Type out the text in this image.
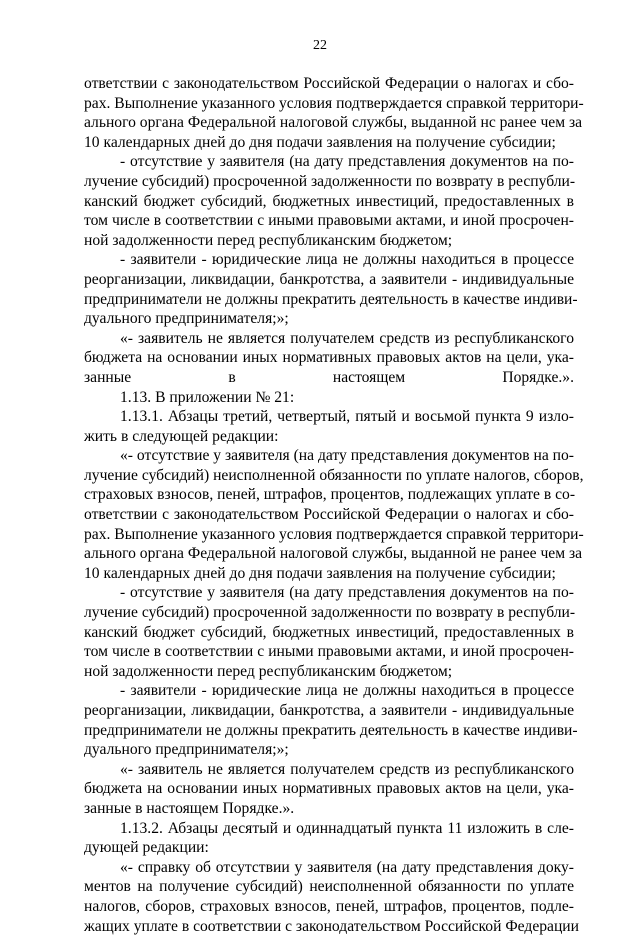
22
ответствии с законодательством Российской Федерации о налогах и сбо-
рах. Выполнение указанного условия подтверждается справкой территори-
ального органа Федеральной налоговой службы, выданной нс ранее чем за
10 календарных дней до дня подачи заявления на получение субсидии;
- отсутствие у заявителя (на дату представления документов на по-
лучение субсидий) просроченной задолженности по возврату в республи-
канский бюджет субсидий, бюджетных инвестиций, предоставленных в
том числе в соответствии с иными правовыми актами, и иной просрочен-
ной задолженности перед республиканским бюджетом;
- заявители - юридические лица не должны находиться в процессе
реорганизации, ликвидации, банкротства, а заявители - индивидуальные
предприниматели не должны прекратить деятельность в качестве индиви-
дуального предпринимателя;»;
«- заявитель не является получателем средств из республиканского
бюджета на основании иных нормативных правовых актов на цели, ука-
занные в настоящем Порядке.».
1.13. В приложении № 21:
1.13.1. Абзацы третий, четвертый, пятый и восьмой пункта 9 изло-
жить в следующей редакции:
«- отсутствие у заявителя (на дату представления документов на по-
лучение субсидий) неисполненной обязанности по уплате налогов, сборов,
страховых взносов, пеней, штрафов, процентов, подлежащих уплате в со-
ответствии с законодательством Российской Федерации о налогах и сбо-
рах. Выполнение указанного условия подтверждается справкой территори-
ального органа Федеральной налоговой службы, выданной не ранее чем за
10 календарных дней до дня подачи заявления на получение субсидии;
- отсутствие у заявителя (на дату представления документов на по-
лучение субсидий) просроченной задолженности по возврату в республи-
канский бюджет субсидий, бюджетных инвестиций, предоставленных в
том числе в соответствии с иными правовыми актами, и иной просрочен-
ной задолженности перед республиканским бюджетом;
- заявители - юридические лица не должны находиться в процессе
реорганизации, ликвидации, банкротства, а заявители - индивидуальные
предприниматели не должны прекратить деятельность в качестве индиви-
дуального предпринимателя;»;
«- заявитель не является получателем средств из республиканского
бюджета на основании иных нормативных правовых актов на цели, ука-
занные в настоящем Порядке.».
1.13.2. Абзацы десятый и одиннадцатый пункта 11 изложить в сле-
дующей редакции:
«- справку об отсутствии у заявителя (на дату представления доку-
ментов на получение субсидий) неисполненной обязанности по уплате
налогов, сборов, страховых взносов, пеней, штрафов, процентов, подле-
жащих уплате в соответствии с законодательством Российской Федерации
